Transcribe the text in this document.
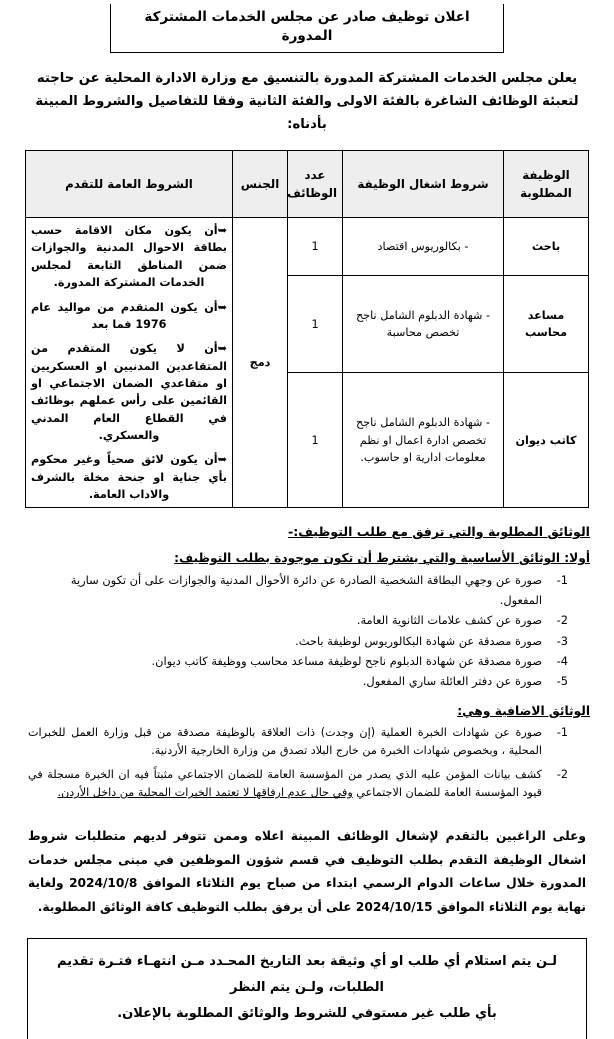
اعلان توظيف صادر عن مجلس الخدمات المشتركة المدورة
يعلن مجلس الخدمات المشتركة المدورة بالتنسيق مع وزارة الادارة المحلية عن حاجته لتعبئة الوظائف الشاغرة بالفئة الاولى والفئة الثانية وفقا للتفاصيل والشروط المبينة بأدناه:
الوظيفة المطلوبة	شروط اشغال الوظيفة	عدد الوظائف	الجنس	الشروط العامة للتقدم
باحث	- بكالوريوس اقتصاد	1	دمج	➥أن يكون مكان الاقامة حسب بطاقة الاحوال المدنية والجوازات ضمن المناطق التابعة لمجلس الخدمات المشتركة المدورة.
➥أن يكون المتقدم من مواليد عام 1976 فما بعد
➥أن لا يكون المتقدم من المتقاعدين المدنيين او العسكريين او متقاعدي الضمان الاجتماعي او القائمين على رأس عملهم بوظائف في القطاع العام المدني والعسكري.
➥أن يكون لائق صحياً وغير محكوم بأي جناية او جنحة مخلة بالشرف والاداب العامة.

مساعد محاسب	- شهادة الدبلوم الشامل ناجح تخصص محاسبة	1		
كاتب ديوان	- شهادة الدبلوم الشامل ناجح تخصص ادارة اعمال او نظم معلومات ادارية او حاسوب.	1		
الوثائق المطلوبة والتي ترفق مع طلب التوظيف:-
أولا: الوثائق الأساسية والتي يشترط أن تكون موجودة بطلب التوظيف:
صورة عن وجهي البطاقة الشخصية الصادرة عن دائرة الأحوال المدنية والجوازات على أن تكون سارية المفعول.
صورة عن كشف علامات الثانوية العامة.
صورة مصدقة عن شهادة البكالوريوس لوظيفة باحث.
صورة مصدقة عن شهادة الدبلوم ناجح لوظيفة مساعد محاسب ووظيفة كاتب ديوان.
صورة عن دفتر العائلة ساري المفعول.
الوثائق الاضافية وهي:
صورة عن شهادات الخبرة العملية (إن وجدت) ذات العلاقة بالوظيفة مصدقة من قبل وزارة العمل للخبرات المحلية ، وبخصوص شهادات الخبرة من خارج البلاد تصدق من وزارة الخارجية الأردنية.
كشف بيانات المؤمن عليه الذي يصدر من المؤسسة العامة للضمان الاجتماعي مثبتاً فيه ان الخبرة مسجلة في قيود المؤسسة العامة للضمان الاجتماعي وفي حال عدم ارفاقها لا تعتمد الخبرات المحلية من داخل الأردن.
وعلى الراغبين بالتقدم لإشغال الوظائف المبينة اعلاه وممن تتوفر لديهم متطلبات شروط اشغال الوظيفة التقدم بطلب التوظيف في قسم شؤون الموظفين في مبنى مجلس خدمات المدورة خلال ساعات الدوام الرسمي ابتداء من صباح يوم الثلاثاء الموافق 2024/10/8 ولغاية نهاية يوم الثلاثاء الموافق 2024/10/15 على أن يرفق بطلب التوظيف كافة الوثائق المطلوبة.
لـن يتم استلام أي طلب او أي وثيقة بعد التاريخ المحـدد مـن انتهـاء فتـرة تقديم الطلبات، ولـن يتم النظر
بأي طلب غير مستوفي للشروط والوثائق المطلوبة بالإعلان.
